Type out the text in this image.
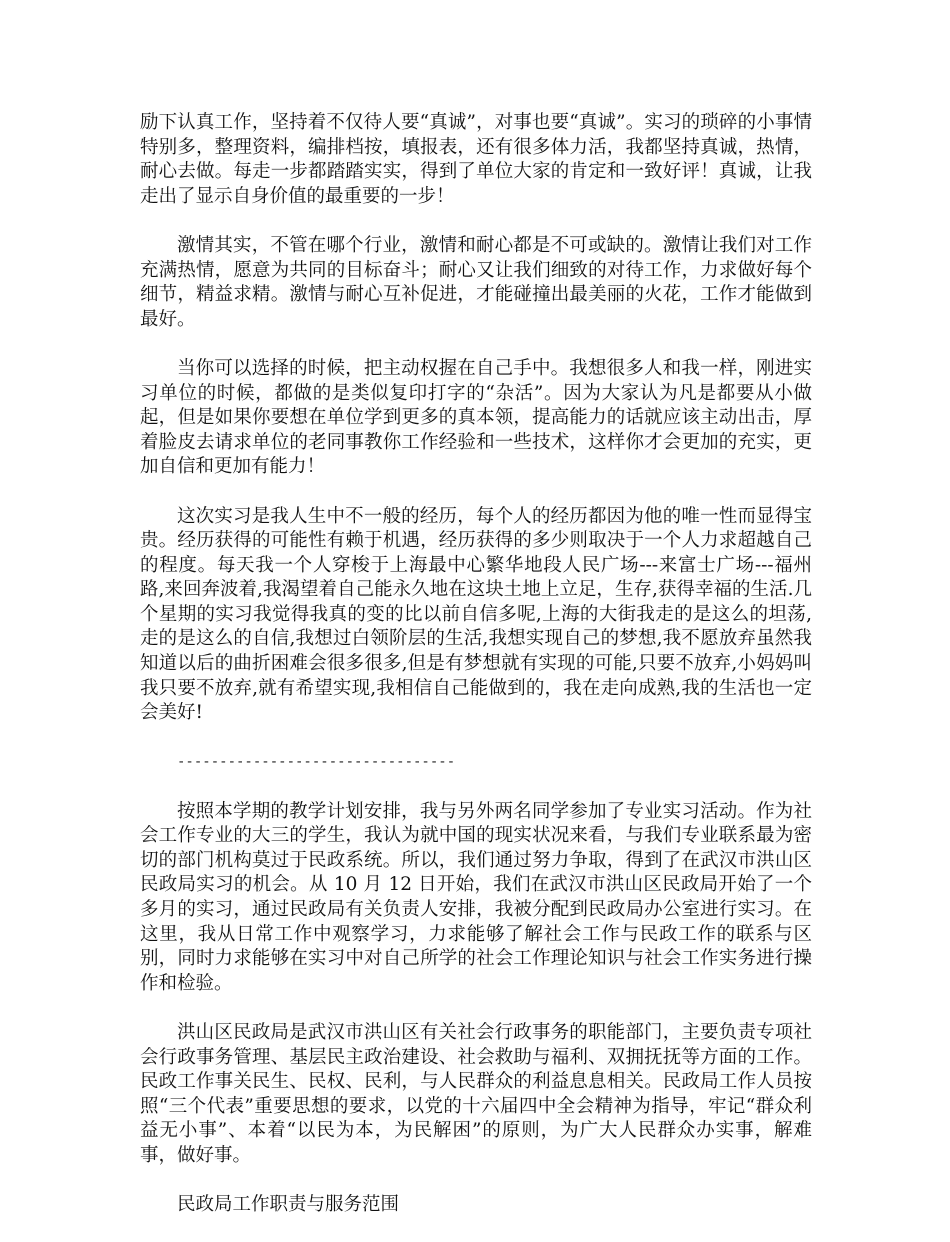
励下认真工作，坚持着不仅待人要“真诚”，对事也要“真诚”。实习的琐碎的小事情特别多，整理资料，编排档按，填报表，还有很多体力活，我都坚持真诚，热情，耐心去做。每走一步都踏踏实实，得到了单位大家的肯定和一致好评！真诚，让我走出了显示自身价值的最重要的一步！

激情其实，不管在哪个行业，激情和耐心都是不可或缺的。激情让我们对工作充满热情，愿意为共同的目标奋斗；耐心又让我们细致的对待工作，力求做好每个细节，精益求精。激情与耐心互补促进，才能碰撞出最美丽的火花，工作才能做到最好。

当你可以选择的时候，把主动权握在自己手中。我想很多人和我一样，刚进实习单位的时候，都做的是类似复印打字的“杂活”。因为大家认为凡是都要从小做起，但是如果你要想在单位学到更多的真本领，提高能力的话就应该主动出击，厚着脸皮去请求单位的老同事教你工作经验和一些技术，这样你才会更加的充实，更加自信和更加有能力！

这次实习是我人生中不一般的经历，每个人的经历都因为他的唯一性而显得宝贵。经历获得的可能性有赖于机遇，经历获得的多少则取决于一个人力求超越自己的程度。每天我一个人穿梭于上海最中心繁华地段人民广场---来富士广场---福州路,来回奔波着,我渴望着自己能永久地在这块土地上立足，生存,获得幸福的生活.几个星期的实习我觉得我真的变的比以前自信多呢,上海的大街我走的是这么的坦荡,走的是这么的自信,我想过白领阶层的生活,我想实现自己的梦想,我不愿放弃虽然我知道以后的曲折困难会很多很多,但是有梦想就有实现的可能,只要不放弃,小妈妈叫我只要不放弃,就有希望实现,我相信自己能做到的，我在走向成熟,我的生活也一定会美好!

---------------------------------

按照本学期的教学计划安排，我与另外两名同学参加了专业实习活动。作为社会工作专业的大三的学生，我认为就中国的现实状况来看，与我们专业联系最为密切的部门机构莫过于民政系统。所以，我们通过努力争取，得到了在武汉市洪山区民政局实习的机会。从 10 月 12 日开始，我们在武汉市洪山区民政局开始了一个多月的实习，通过民政局有关负责人安排，我被分配到民政局办公室进行实习。在这里，我从日常工作中观察学习，力求能够了解社会工作与民政工作的联系与区别，同时力求能够在实习中对自己所学的社会工作理论知识与社会工作实务进行操作和检验。

洪山区民政局是武汉市洪山区有关社会行政事务的职能部门，主要负责专项社会行政事务管理、基层民主政治建设、社会救助与福利、双拥抚抚等方面的工作。民政工作事关民生、民权、民利，与人民群众的利益息息相关。民政局工作人员按照“三个代表”重要思想的要求，以党的十六届四中全会精神为指导，牢记“群众利益无小事”、本着“以民为本，为民解困”的原则，为广大人民群众办实事，解难事，做好事。

民政局工作职责与服务范围
